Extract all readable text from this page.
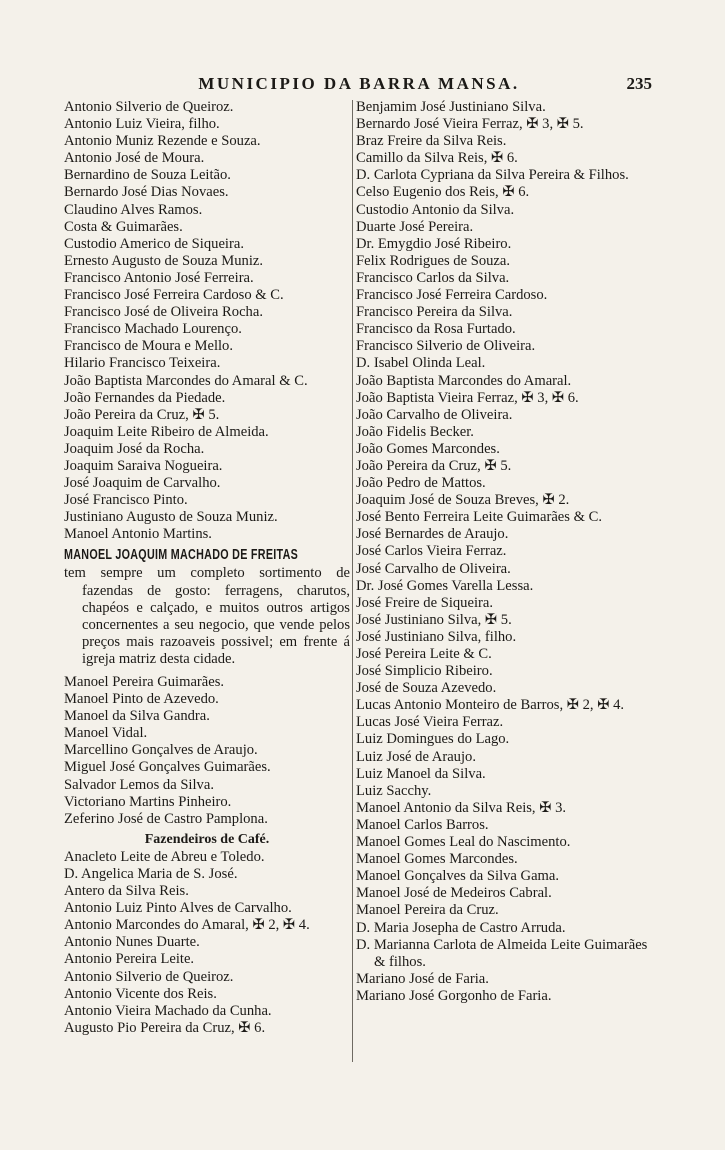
MUNICIPIO DA BARRA MANSA.	235
Antonio Silverio de Queiroz.
Antonio Luiz Vieira, filho.
Antonio Muniz Rezende e Souza.
Antonio José de Moura.
Bernardino de Souza Leitão.
Bernardo José Dias Novaes.
Claudino Alves Ramos.
Costa & Guimarães.
Custodio Americo de Siqueira.
Ernesto Augusto de Souza Muniz.
Francisco Antonio José Ferreira.
Francisco José Ferreira Cardoso & C.
Francisco José de Oliveira Rocha.
Francisco Machado Lourenço.
Francisco de Moura e Mello.
Hilario Francisco Teixeira.
João Baptista Marcondes do Amaral & C.
João Fernandes da Piedade.
João Pereira da Cruz, ✠ 5.
Joaquim Leite Ribeiro de Almeida.
Joaquim José da Rocha.
Joaquim Saraiva Nogueira.
José Joaquim de Carvalho.
José Francisco Pinto.
Justiniano Augusto de Souza Muniz.
Manoel Antonio Martins.
MANOEL JOAQUIM MACHADO DE FREITAS
tem sempre um completo sortimento de fazendas de gosto: ferragens, charutos, chapéos e calçado, e muitos outros artigos concernentes a seu negocio, que vende pelos preços mais razoaveis possivel; em frente á igreja matriz desta cidade.
Manoel Pereira Guimarães.
Manoel Pinto de Azevedo.
Manoel da Silva Gandra.
Manoel Vidal.
Marcellino Gonçalves de Araujo.
Miguel José Gonçalves Guimarães.
Salvador Lemos da Silva.
Victoriano Martins Pinheiro.
Zeferino José de Castro Pamplona.
Fazendeiros de Café.
Anacleto Leite de Abreu e Toledo.
D. Angelica Maria de S. José.
Antero da Silva Reis.
Antonio Luiz Pinto Alves de Carvalho.
Antonio Marcondes do Amaral, ✠ 2, ✠ 4.
Antonio Nunes Duarte.
Antonio Pereira Leite.
Antonio Silverio de Queiroz.
Antonio Vicente dos Reis.
Antonio Vieira Machado da Cunha.
Augusto Pio Pereira da Cruz, ✠ 6.
Benjamim José Justiniano Silva.
Bernardo José Vieira Ferraz, ✠ 3, ✠ 5.
Braz Freire da Silva Reis.
Camillo da Silva Reis, ✠ 6.
D. Carlota Cypriana da Silva Pereira & Filhos.
Celso Eugenio dos Reis, ✠ 6.
Custodio Antonio da Silva.
Duarte José Pereira.
Dr. Emygdio José Ribeiro.
Felix Rodrigues de Souza.
Francisco Carlos da Silva.
Francisco José Ferreira Cardoso.
Francisco Pereira da Silva.
Francisco da Rosa Furtado.
Francisco Silverio de Oliveira.
D. Isabel Olinda Leal.
João Baptista Marcondes do Amaral.
João Baptista Vieira Ferraz, ✠ 3, ✠ 6.
João Carvalho de Oliveira.
João Fidelis Becker.
João Gomes Marcondes.
João Pereira da Cruz, ✠ 5.
João Pedro de Mattos.
Joaquim José de Souza Breves, ✠ 2.
José Bento Ferreira Leite Guimarães & C.
José Bernardes de Araujo.
José Carlos Vieira Ferraz.
José Carvalho de Oliveira.
Dr. José Gomes Varella Lessa.
José Freire de Siqueira.
José Justiniano Silva, ✠ 5.
José Justiniano Silva, filho.
José Pereira Leite & C.
José Simplicio Ribeiro.
José de Souza Azevedo.
Lucas Antonio Monteiro de Barros, ✠ 2, ✠ 4.
Lucas José Vieira Ferraz.
Luiz Domingues do Lago.
Luiz José de Araujo.
Luiz Manoel da Silva.
Luiz Sacchy.
Manoel Antonio da Silva Reis, ✠ 3.
Manoel Carlos Barros.
Manoel Gomes Leal do Nascimento.
Manoel Gomes Marcondes.
Manoel Gonçalves da Silva Gama.
Manoel José de Medeiros Cabral.
Manoel Pereira da Cruz.
D. Maria Josepha de Castro Arruda.
D. Marianna Carlota de Almeida Leite Guimarães & filhos.
Mariano José de Faria.
Mariano José Gorgonho de Faria.
